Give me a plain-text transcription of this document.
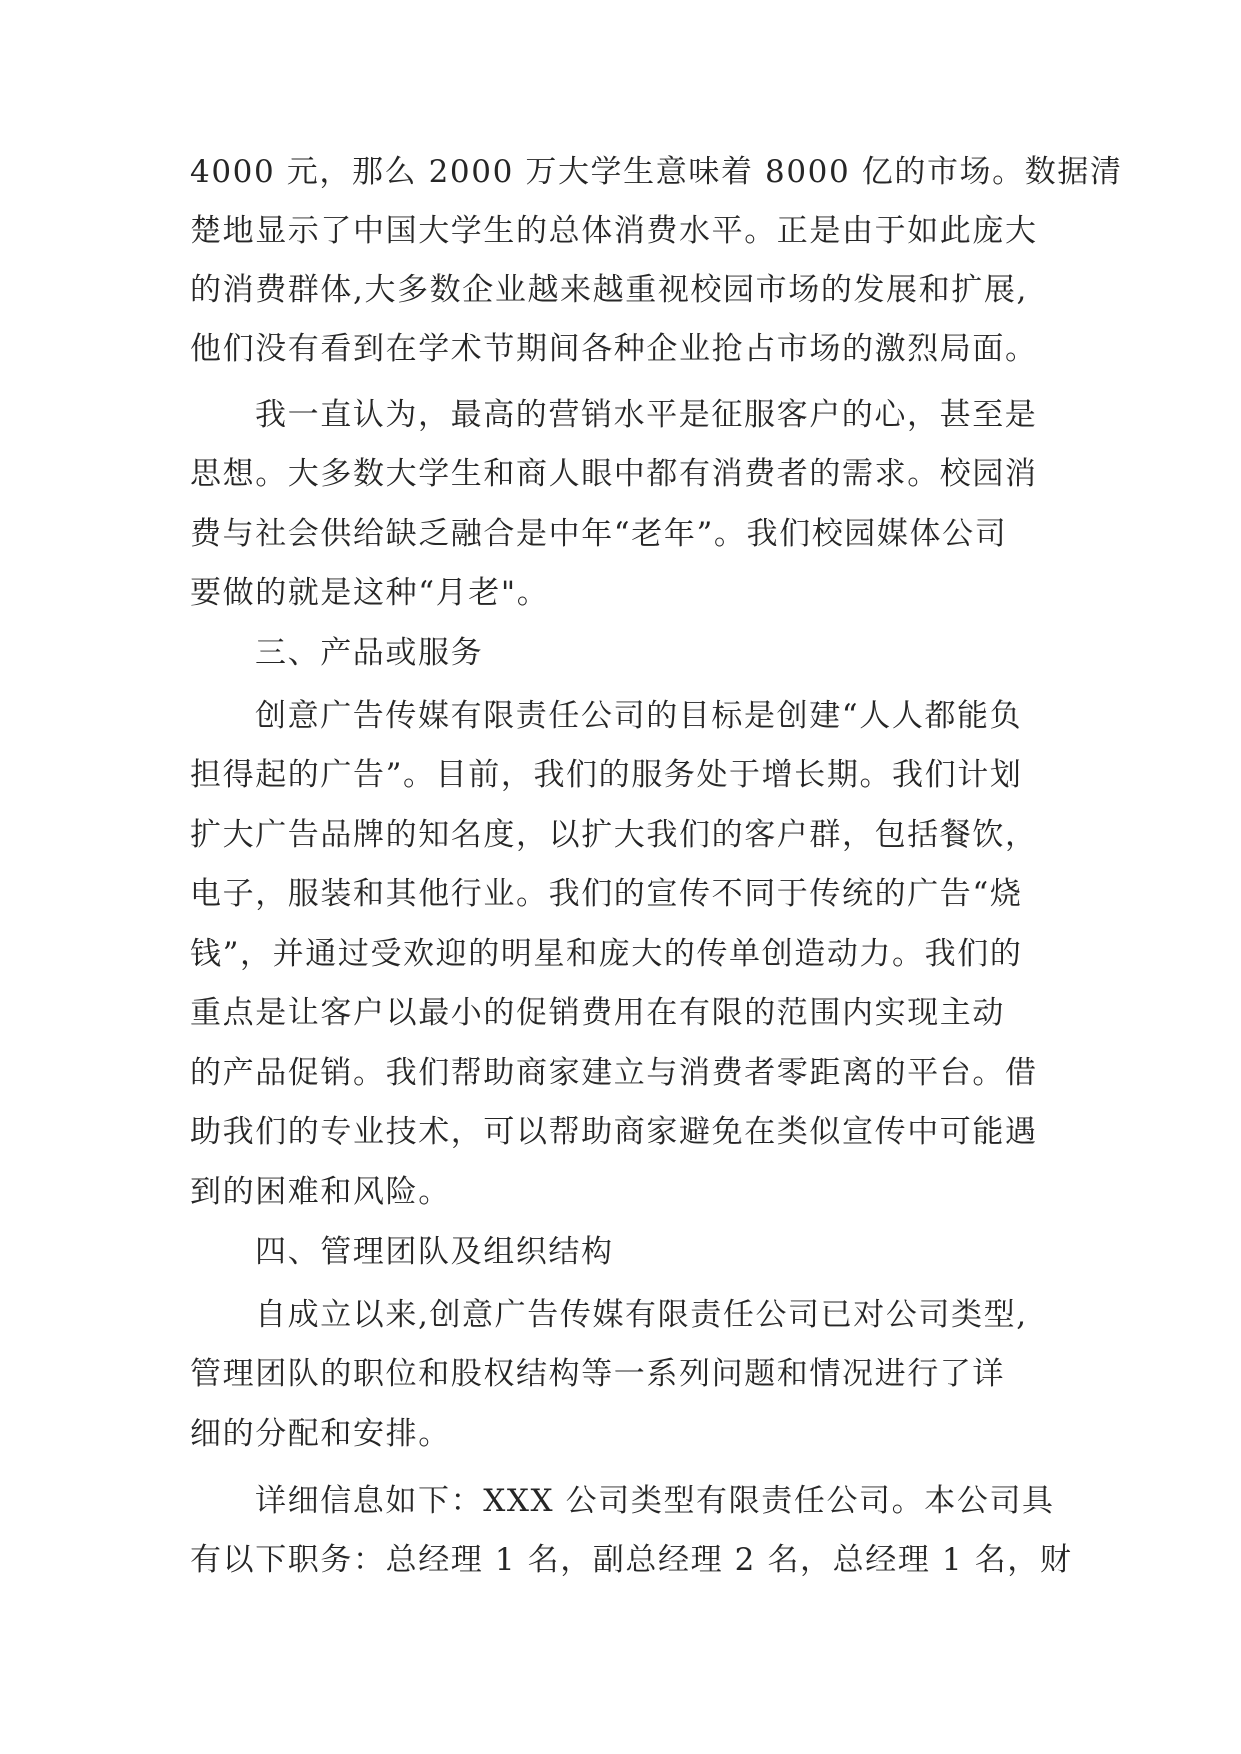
4000 元，那么 2000 万大学生意味着 8000 亿的市场。数据清
楚地显示了中国大学生的总体消费水平。正是由于如此庞大
的消费群体,大多数企业越来越重视校园市场的发展和扩展,
他们没有看到在学术节期间各种企业抢占市场的激烈局面。
我一直认为，最高的营销水平是征服客户的心，甚至是
思想。大多数大学生和商人眼中都有消费者的需求。校园消
费与社会供给缺乏融合是中年“老年”。我们校园媒体公司
要做的就是这种“月老"。
三、产品或服务
创意广告传媒有限责任公司的目标是创建“人人都能负
担得起的广告”。目前，我们的服务处于增长期。我们计划
扩大广告品牌的知名度，以扩大我们的客户群，包括餐饮，
电子，服装和其他行业。我们的宣传不同于传统的广告“烧
钱”，并通过受欢迎的明星和庞大的传单创造动力。我们的
重点是让客户以最小的促销费用在有限的范围内实现主动
的产品促销。我们帮助商家建立与消费者零距离的平台。借
助我们的专业技术，可以帮助商家避免在类似宣传中可能遇
到的困难和风险。
四、管理团队及组织结构
自成立以来,创意广告传媒有限责任公司已对公司类型,
管理团队的职位和股权结构等一系列问题和情况进行了详
细的分配和安排。
详细信息如下：XXX 公司类型有限责任公司。本公司具
有以下职务：总经理 1 名，副总经理 2 名，总经理 1 名，财
